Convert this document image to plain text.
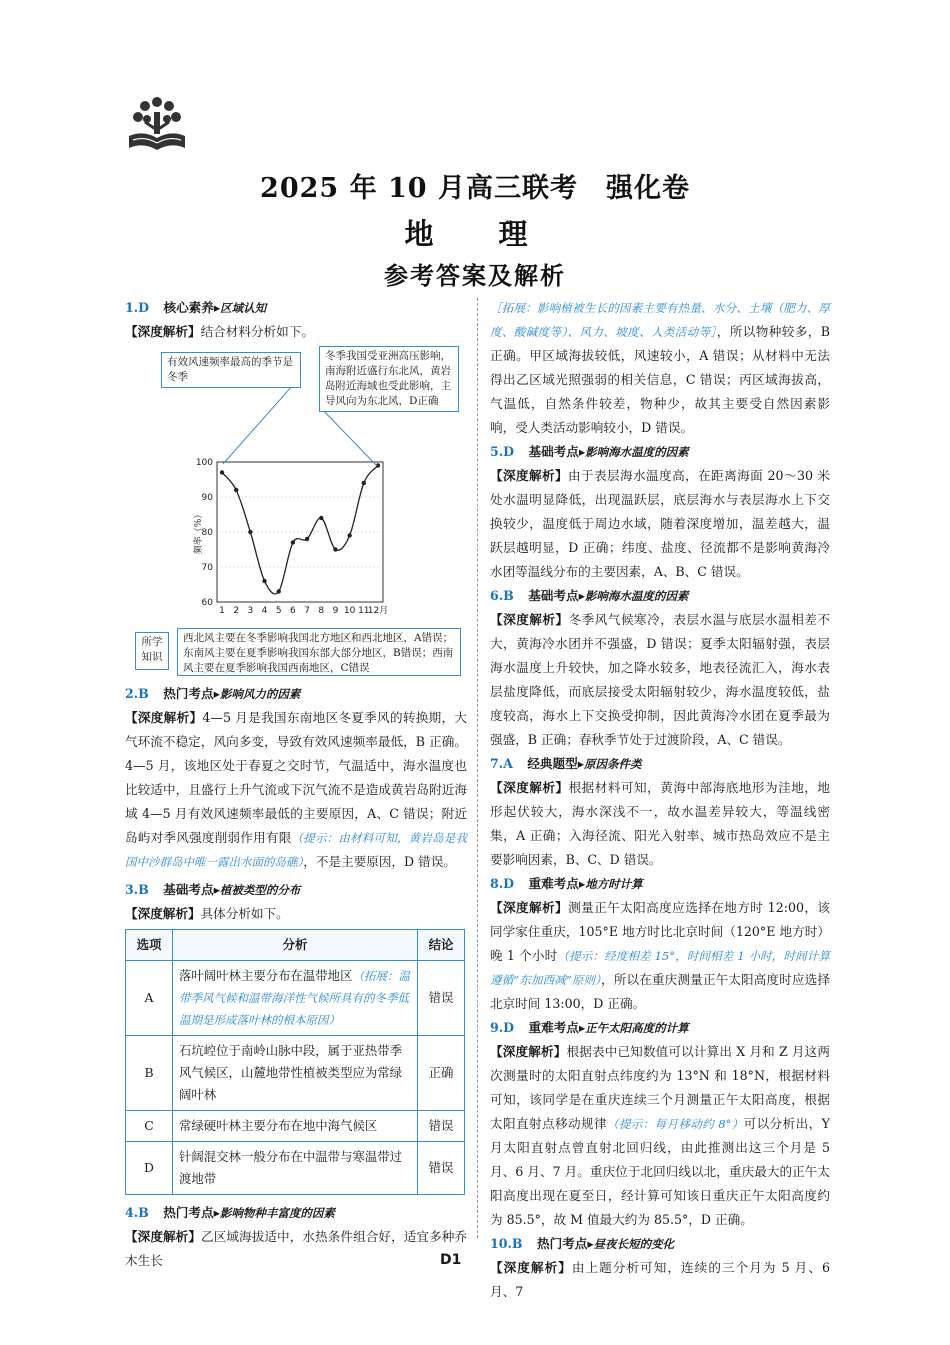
2025 年 10 月高三联考　强化卷
地　理
参考答案及解析
1.D 核心素养▸区域认知

【深度解析】结合材料分析如下。

60
70
80
90
100
1 2 3 4 5 6 7 8 9 10 11
12月
频率（%）
有效风速频率最高的季节是冬季
冬季我国受亚洲高压影响，南海附近盛行东北风，黄岩岛附近海域也受此影响，主导风向为东北风，D正确
所学知识
西北风主要在冬季影响我国北方地区和西北地区，A错误；东南风主要在夏季影响我国东部大部分地区，B错误；西南风主要在夏季影响我国西南地区，C错误
2.B 热门考点▸影响风力的因素

【深度解析】4—5 月是我国东南地区冬夏季风的转换期，大气环流不稳定，风向多变，导致有效风速频率最低，B 正确。4—5 月，该地区处于春夏之交时节，气温适中，海水温度也比较适中，且盛行上升气流或下沉气流不是造成黄岩岛附近海域 4—5 月有效风速频率最低的主要原因，A、C 错误；附近岛屿对季风强度削弱作用有限（提示：由材料可知，黄岩岛是我国中沙群岛中唯一露出水面的岛礁），不是主要原因，D 错误。

3.B 基础考点▸植被类型的分布

【深度解析】具体分析如下。

选项	分析	结论
A	落叶阔叶林主要分布在温带地区（拓展：温带季风气候和温带海洋性气候所具有的冬季低温期是形成落叶林的根本原因）	错误
B	石坑崆位于南岭山脉中段，属于亚热带季风气候区，山麓地带性植被类型应为常绿阔叶林	正确
C	常绿硬叶林主要分布在地中海气候区	错误
D	针阔混交林一般分布在中温带与寒温带过渡地带	错误
4.B 热门考点▸影响物种丰富度的因素

【深度解析】乙区域海拔适中，水热条件组合好，适宜多种乔木生长

［拓展：影响植被生长的因素主要有热量、水分、土壤（肥力、厚度、酸碱度等）、风力、坡度、人类活动等］，所以物种较多，B 正确。甲区域海拔较低，风速较小，A 错误；从材料中无法得出乙区域光照强弱的相关信息，C 错误；丙区域海拔高，气温低，自然条件较差，物种少，故其主要受自然因素影响，受人类活动影响较小，D 错误。

5.D 基础考点▸影响海水温度的因素

【深度解析】由于表层海水温度高，在距离海面 20～30 米处水温明显降低，出现温跃层，底层海水与表层海水上下交换较少，温度低于周边水域，随着深度增加，温差越大，温跃层越明显，D 正确；纬度、盐度、径流都不是影响黄海冷水团等温线分布的主要因素，A、B、C 错误。

6.B 基础考点▸影响海水温度的因素

【深度解析】冬季风气候寒冷，表层水温与底层水温相差不大，黄海冷水团并不强盛，D 错误；夏季太阳辐射强，表层海水温度上升较快，加之降水较多，地表径流汇入，海水表层盐度降低，而底层接受太阳辐射较少，海水温度较低，盐度较高，海水上下交换受抑制，因此黄海冷水团在夏季最为强盛，B 正确；春秋季节处于过渡阶段，A、C 错误。

7.A 经典题型▸原因条件类

【深度解析】根据材料可知，黄海中部海底地形为洼地，地形起伏较大，海水深浅不一，故水温差异较大，等温线密集，A 正确；入海径流、阳光入射率、城市热岛效应不是主要影响因素，B、C、D 错误。

8.D 重难考点▸地方时计算

【深度解析】测量正午太阳高度应选择在地方时 12:00，该同学家住重庆，105°E 地方时比北京时间（120°E 地方时）晚 1 个小时（提示：经度相差 15°，时间相差 1 小时，时间计算遵循“东加西减”原则），所以在重庆测量正午太阳高度时应选择北京时间 13:00，D 正确。

9.D 重难考点▸正午太阳高度的计算

【深度解析】根据表中已知数值可以计算出 X 月和 Z 月这两次测量时的太阳直射点纬度约为 13°N 和 18°N，根据材料可知，该同学是在重庆连续三个月测量正午太阳高度，根据太阳直射点移动规律（提示：每月移动约 8°）可以分析出，Y 月太阳直射点曾直射北回归线，由此推测出这三个月是 5 月、6 月、7 月。重庆位于北回归线以北，重庆最大的正午太阳高度出现在夏至日，经计算可知该日重庆正午太阳高度约为 85.5°，故 M 值最大约为 85.5°，D 正确。

10.B 热门考点▸昼夜长短的变化

【深度解析】由上题分析可知，连续的三个月为 5 月、6 月、7

D1
